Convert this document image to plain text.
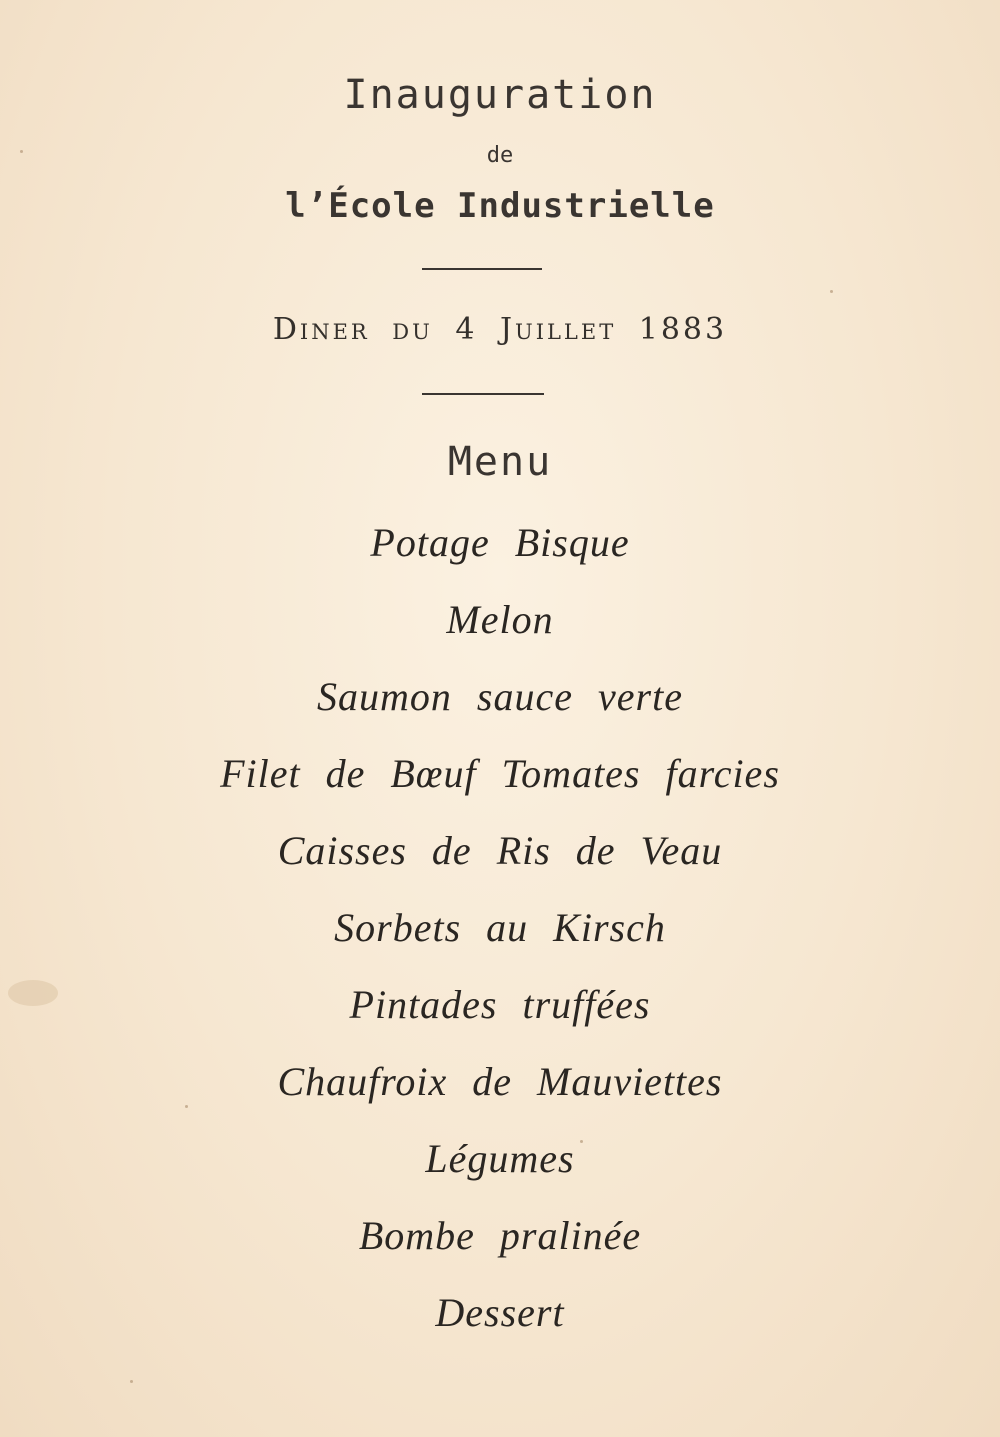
Inauguration
de
l’École Industrielle
Diner du 4 Juillet 1883
Menu
Potage Bisque
Melon
Saumon sauce verte
Filet de Bœuf Tomates farcies
Caisses de Ris de Veau
Sorbets au Kirsch
Pintades truffées
Chaufroix de Mauviettes
Légumes
Bombe pralinée
Dessert
